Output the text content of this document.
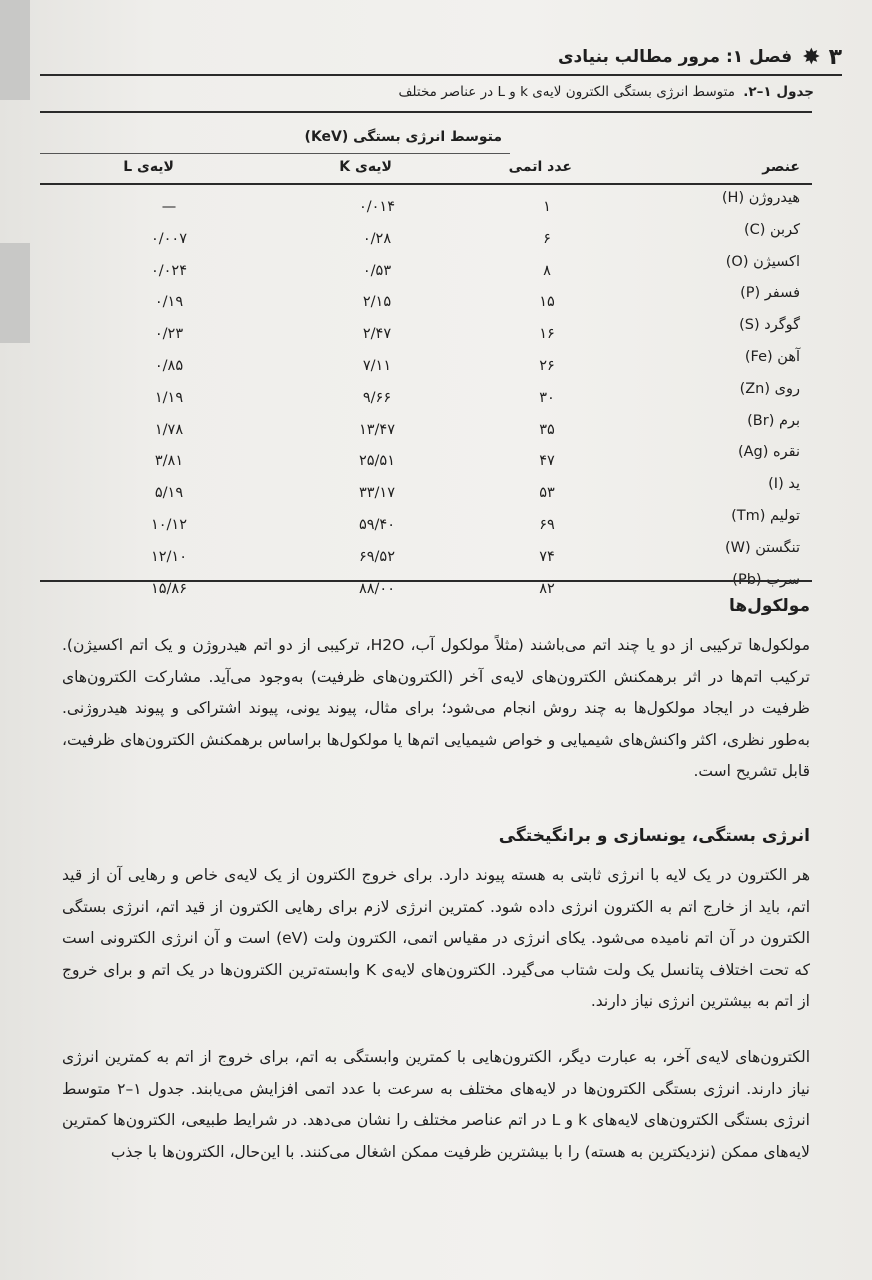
۳
✸
فصل ۱: مرور مطالب بنیادی
جدول ۱–۲. متوسط انرژی بستگی الکترون لایه‌ی k و L در عناصر مختلف
متوسط انرژی بستگی (KeV)
عنصر
عدد اتمی
لایه‌ی K
لایه‌ی L
هیدروژن (H)
۱
۰/۰۱۴
—
کربن (C)
۶
۰/۲۸
۰/۰۰۷
اکسیژن (O)
۸
۰/۵۳
۰/۰۲۴
فسفر (P)
۱۵
۲/۱۵
۰/۱۹
گوگرد (S)
۱۶
۲/۴۷
۰/۲۳
آهن (Fe)
۲۶
۷/۱۱
۰/۸۵
روی (Zn)
۳۰
۹/۶۶
۱/۱۹
برم (Br)
۳۵
۱۳/۴۷
۱/۷۸
نقره (Ag)
۴۷
۲۵/۵۱
۳/۸۱
ید (I)
۵۳
۳۳/۱۷
۵/۱۹
تولیم (Tm)
۶۹
۵۹/۴۰
۱۰/۱۲
تنگستن (W)
۷۴
۶۹/۵۲
۱۲/۱۰
سرب (Pb)
۸۲
۸۸/۰۰
۱۵/۸۶
مولکول‌ها
مولکول‌ها ترکیبی از دو یا چند اتم می‌باشند (مثلاً مولکول آب، H2O، ترکیبی از دو اتم هیدروژن و یک اتم اکسیژن). ترکیب اتم‌ها در اثر برهمکنش الکترون‌های لایه‌ی آخر (الکترون‌های ظرفیت) به‌وجود می‌آید. مشارکت الکترون‌های ظرفیت در ایجاد مولکول‌ها به چند روش انجام می‌شود؛ برای مثال، پیوند یونی، پیوند اشتراکی و پیوند هیدروژنی. به‌طور نظری، اکثر واکنش‌های شیمیایی و خواص شیمیایی اتم‌ها یا مولکول‌ها براساس برهمکنش الکترون‌های ظرفیت، قابل تشریح است.
انرژی بستگی، یونسازی و برانگیختگی
هر الکترون در یک لایه با انرژی ثابتی به هسته پیوند دارد. برای خروج الکترون از یک لایه‌ی خاص و رهایی آن از قید اتم، باید از خارج اتم به الکترون انرژی داده شود. کمترین انرژی لازم برای رهایی الکترون از قید اتم، انرژی بستگی الکترون در آن اتم نامیده می‌شود. یکای انرژی در مقیاس اتمی، الکترون ولت (eV) است و آن انرژی الکترونی است که تحت اختلاف پتانسل یک ولت شتاب می‌گیرد. الکترون‌های لایه‌ی K وابسته‌ترین الکترون‌ها در یک اتم و برای خروج از اتم به بیشترین انرژی نیاز دارند.
الکترون‌های لایه‌ی آخر، به عبارت دیگر، الکترون‌هایی با کمترین وابستگی به اتم، برای خروج از اتم به کمترین انرژی نیاز دارند. انرژی بستگی الکترون‌ها در لایه‌های مختلف به سرعت با عدد اتمی افزایش می‌یابند. جدول ۱–۲ متوسط انرژی بستگی الکترون‌های لایه‌های k و L در اتم عناصر مختلف را نشان می‌دهد. در شرایط طبیعی، الکترون‌ها کمترین لایه‌های ممکن (نزدیکترین به هسته) را با بیشترین ظرفیت ممکن اشغال می‌کنند. با این‌حال، الکترون‌ها با جذب
